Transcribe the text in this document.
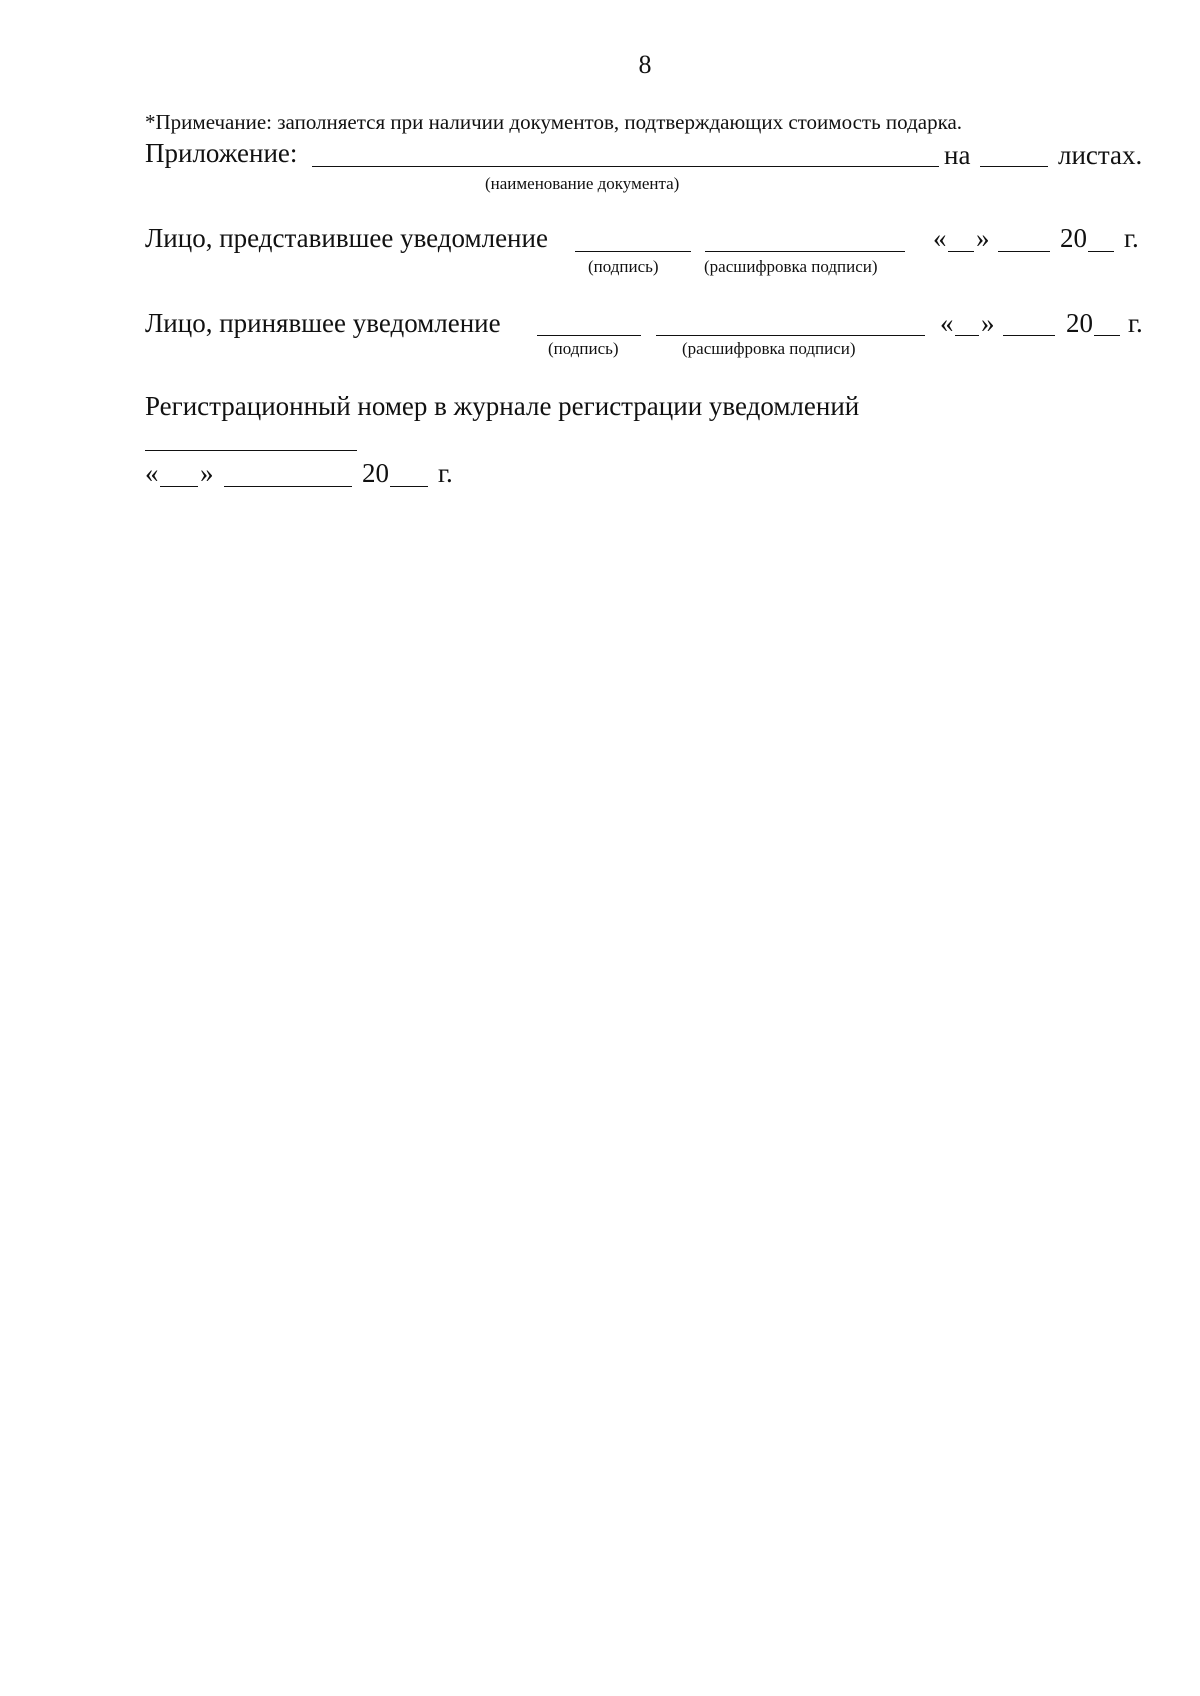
8
*Примечание: заполняется при наличии документов, подтверждающих стоимость подарка.
Приложение:	на	листах.
(наименование документа)
Лицо, представившее уведомление	« »	20 г.
(подпись)	(расшифровка подписи)
Лицо, принявшее уведомление	« »	20 г.
(подпись)	(расшифровка подписи)
Регистрационный номер в журнале регистрации уведомлений
« »	20 г.
